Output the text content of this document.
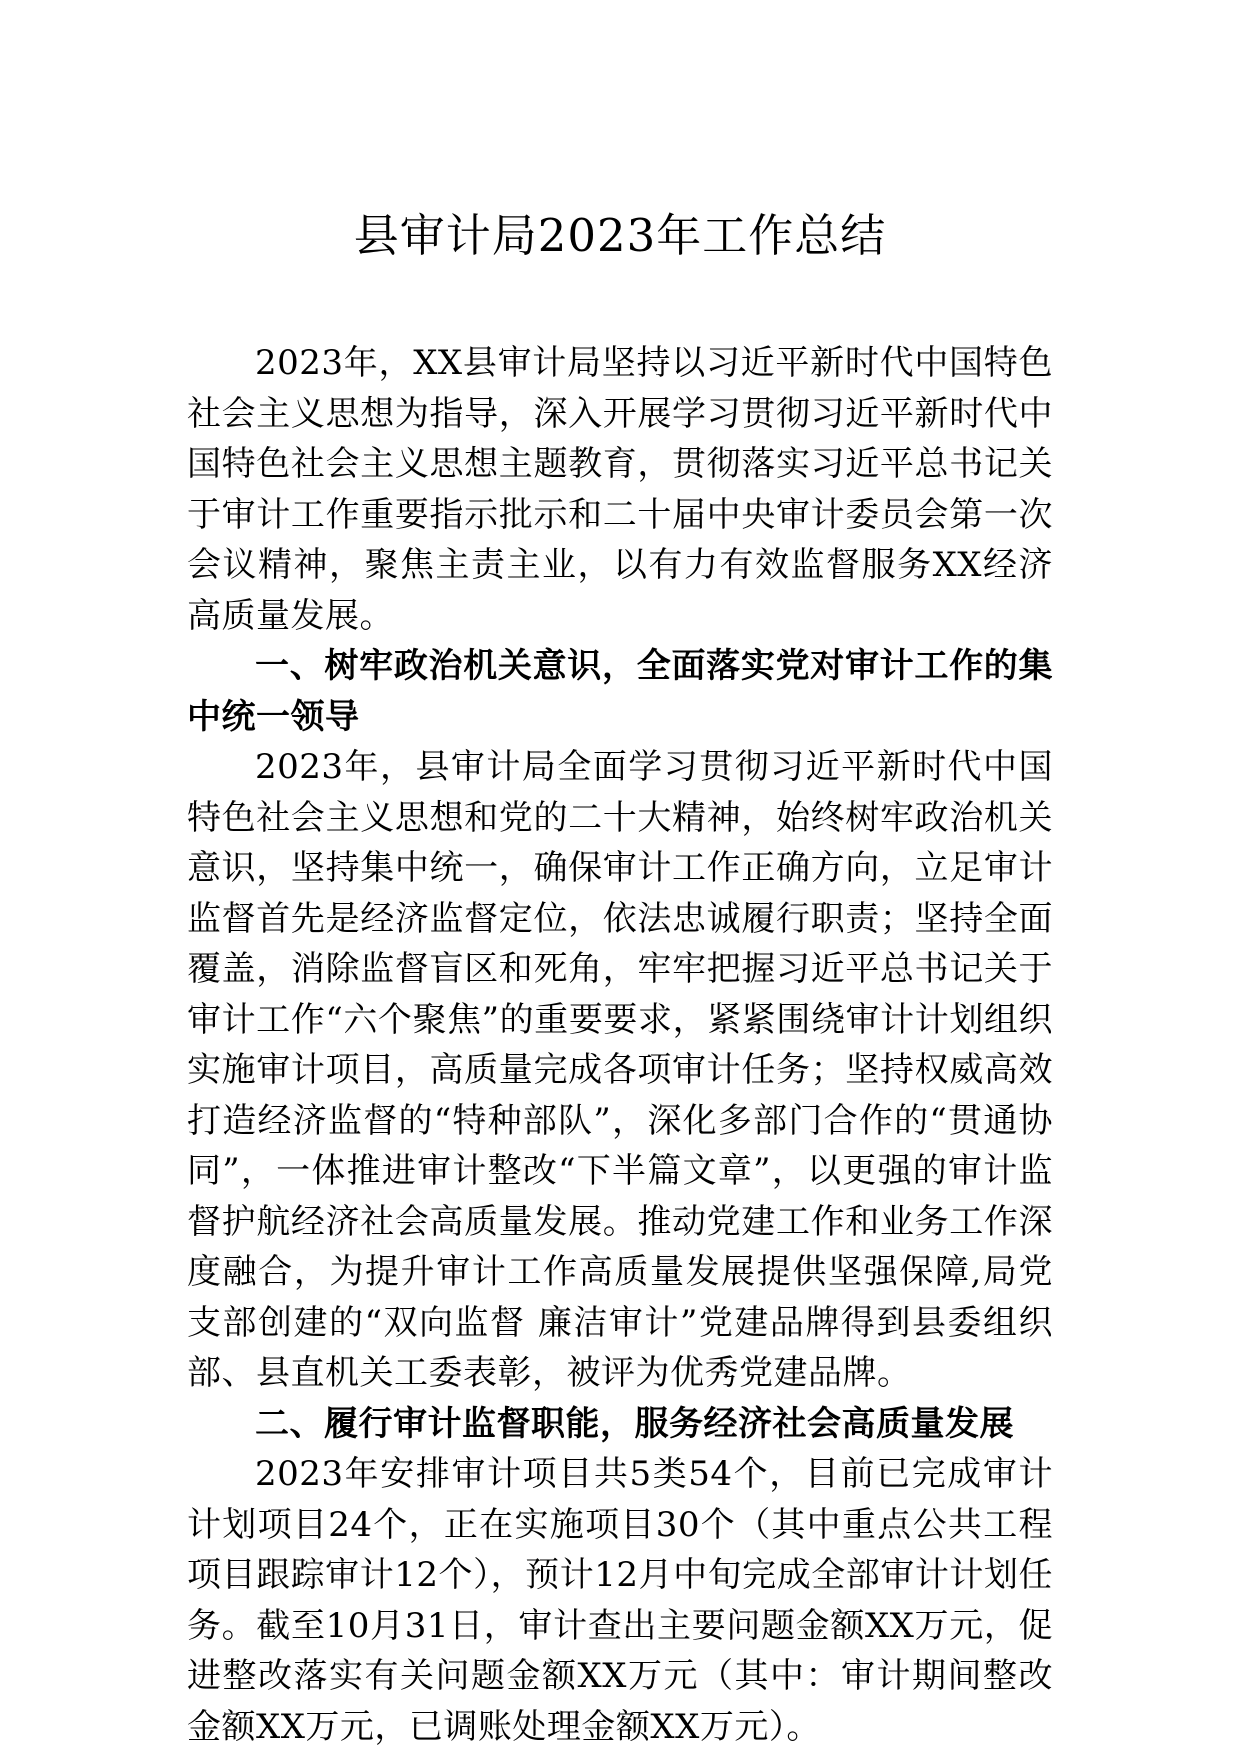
县审计局2023年工作总结

2023年，XX县审计局坚持以习近平新时代中国特色社会主义思想为指导，深入开展学习贯彻习近平新时代中国特色社会主义思想主题教育，贯彻落实习近平总书记关于审计工作重要指示批示和二十届中央审计委员会第一次会议精神，聚焦主责主业，以有力有效监督服务XX经济高质量发展。

一、树牢政治机关意识，全面落实党对审计工作的集中统一领导

2023年，县审计局全面学习贯彻习近平新时代中国特色社会主义思想和党的二十大精神，始终树牢政治机关意识，坚持集中统一，确保审计工作正确方向，立足审计监督首先是经济监督定位，依法忠诚履行职责；坚持全面覆盖，消除监督盲区和死角，牢牢把握习近平总书记关于审计工作“六个聚焦”的重要要求，紧紧围绕审计计划组织实施审计项目，高质量完成各项审计任务；坚持权威高效打造经济监督的“特种部队”，深化多部门合作的“贯通协同”，一体推进审计整改“下半篇文章”，以更强的审计监督护航经济社会高质量发展。推动党建工作和业务工作深度融合，为提升审计工作高质量发展提供坚强保障,局党支部创建的“双向监督 廉洁审计”党建品牌得到县委组织部、县直机关工委表彰，被评为优秀党建品牌。

二、履行审计监督职能，服务经济社会高质量发展

2023年安排审计项目共5类54个，目前已完成审计计划项目24个，正在实施项目30个（其中重点公共工程项目跟踪审计12个），预计12月中旬完成全部审计计划任务。截至10月31日，审计查出主要问题金额XX万元，促进整改落实有关问题金额XX万元（其中：审计期间整改金额XX万元，已调账处理金额XX万元）。
